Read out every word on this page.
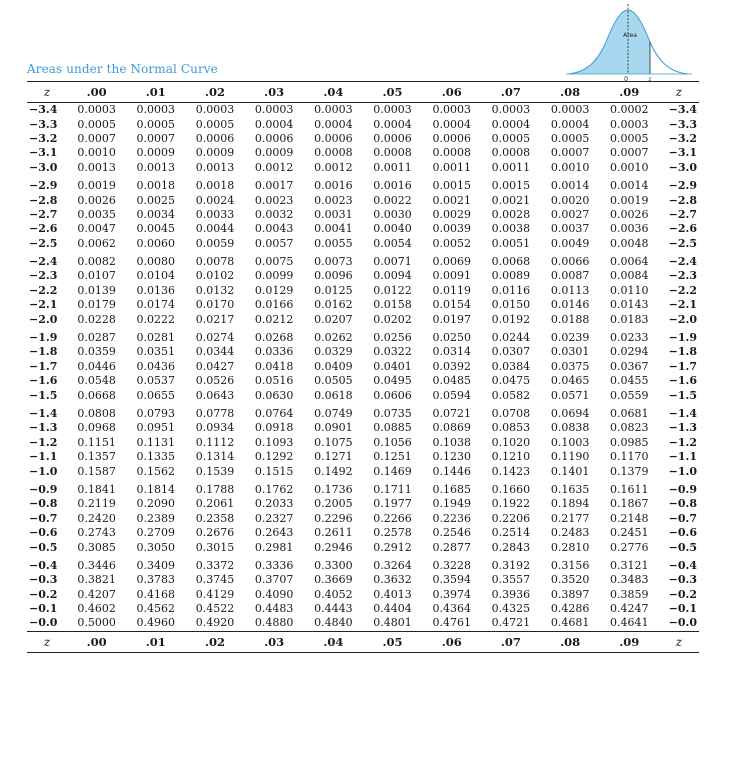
Area
0	z
Areas under the Normal Curve
z	.00	.01	.02	.03	.04	.05	.06	.07	.08	.09	z
−3.4	0.0003	0.0003	0.0003	0.0003	0.0003	0.0003	0.0003	0.0003	0.0003	0.0002	−3.4
−3.3	0.0005	0.0005	0.0005	0.0004	0.0004	0.0004	0.0004	0.0004	0.0004	0.0003	−3.3
−3.2	0.0007	0.0007	0.0006	0.0006	0.0006	0.0006	0.0006	0.0005	0.0005	0.0005	−3.2
−3.1	0.0010	0.0009	0.0009	0.0009	0.0008	0.0008	0.0008	0.0008	0.0007	0.0007	−3.1
−3.0	0.0013	0.0013	0.0013	0.0012	0.0012	0.0011	0.0011	0.0011	0.0010	0.0010	−3.0
−2.9	0.0019	0.0018	0.0018	0.0017	0.0016	0.0016	0.0015	0.0015	0.0014	0.0014	−2.9
−2.8	0.0026	0.0025	0.0024	0.0023	0.0023	0.0022	0.0021	0.0021	0.0020	0.0019	−2.8
−2.7	0.0035	0.0034	0.0033	0.0032	0.0031	0.0030	0.0029	0.0028	0.0027	0.0026	−2.7
−2.6	0.0047	0.0045	0.0044	0.0043	0.0041	0.0040	0.0039	0.0038	0.0037	0.0036	−2.6
−2.5	0.0062	0.0060	0.0059	0.0057	0.0055	0.0054	0.0052	0.0051	0.0049	0.0048	−2.5
−2.4	0.0082	0.0080	0.0078	0.0075	0.0073	0.0071	0.0069	0.0068	0.0066	0.0064	−2.4
−2.3	0.0107	0.0104	0.0102	0.0099	0.0096	0.0094	0.0091	0.0089	0.0087	0.0084	−2.3
−2.2	0.0139	0.0136	0.0132	0.0129	0.0125	0.0122	0.0119	0.0116	0.0113	0.0110	−2.2
−2.1	0.0179	0.0174	0.0170	0.0166	0.0162	0.0158	0.0154	0.0150	0.0146	0.0143	−2.1
−2.0	0.0228	0.0222	0.0217	0.0212	0.0207	0.0202	0.0197	0.0192	0.0188	0.0183	−2.0
−1.9	0.0287	0.0281	0.0274	0.0268	0.0262	0.0256	0.0250	0.0244	0.0239	0.0233	−1.9
−1.8	0.0359	0.0351	0.0344	0.0336	0.0329	0.0322	0.0314	0.0307	0.0301	0.0294	−1.8
−1.7	0.0446	0.0436	0.0427	0.0418	0.0409	0.0401	0.0392	0.0384	0.0375	0.0367	−1.7
−1.6	0.0548	0.0537	0.0526	0.0516	0.0505	0.0495	0.0485	0.0475	0.0465	0.0455	−1.6
−1.5	0.0668	0.0655	0.0643	0.0630	0.0618	0.0606	0.0594	0.0582	0.0571	0.0559	−1.5
−1.4	0.0808	0.0793	0.0778	0.0764	0.0749	0.0735	0.0721	0.0708	0.0694	0.0681	−1.4
−1.3	0.0968	0.0951	0.0934	0.0918	0.0901	0.0885	0.0869	0.0853	0.0838	0.0823	−1.3
−1.2	0.1151	0.1131	0.1112	0.1093	0.1075	0.1056	0.1038	0.1020	0.1003	0.0985	−1.2
−1.1	0.1357	0.1335	0.1314	0.1292	0.1271	0.1251	0.1230	0.1210	0.1190	0.1170	−1.1
−1.0	0.1587	0.1562	0.1539	0.1515	0.1492	0.1469	0.1446	0.1423	0.1401	0.1379	−1.0
−0.9	0.1841	0.1814	0.1788	0.1762	0.1736	0.1711	0.1685	0.1660	0.1635	0.1611	−0.9
−0.8	0.2119	0.2090	0.2061	0.2033	0.2005	0.1977	0.1949	0.1922	0.1894	0.1867	−0.8
−0.7	0.2420	0.2389	0.2358	0.2327	0.2296	0.2266	0.2236	0.2206	0.2177	0.2148	−0.7
−0.6	0.2743	0.2709	0.2676	0.2643	0.2611	0.2578	0.2546	0.2514	0.2483	0.2451	−0.6
−0.5	0.3085	0.3050	0.3015	0.2981	0.2946	0.2912	0.2877	0.2843	0.2810	0.2776	−0.5
−0.4	0.3446	0.3409	0.3372	0.3336	0.3300	0.3264	0.3228	0.3192	0.3156	0.3121	−0.4
−0.3	0.3821	0.3783	0.3745	0.3707	0.3669	0.3632	0.3594	0.3557	0.3520	0.3483	−0.3
−0.2	0.4207	0.4168	0.4129	0.4090	0.4052	0.4013	0.3974	0.3936	0.3897	0.3859	−0.2
−0.1	0.4602	0.4562	0.4522	0.4483	0.4443	0.4404	0.4364	0.4325	0.4286	0.4247	−0.1
−0.0	0.5000	0.4960	0.4920	0.4880	0.4840	0.4801	0.4761	0.4721	0.4681	0.4641	−0.0
z	.00	.01	.02	.03	.04	.05	.06	.07	.08	.09	z
